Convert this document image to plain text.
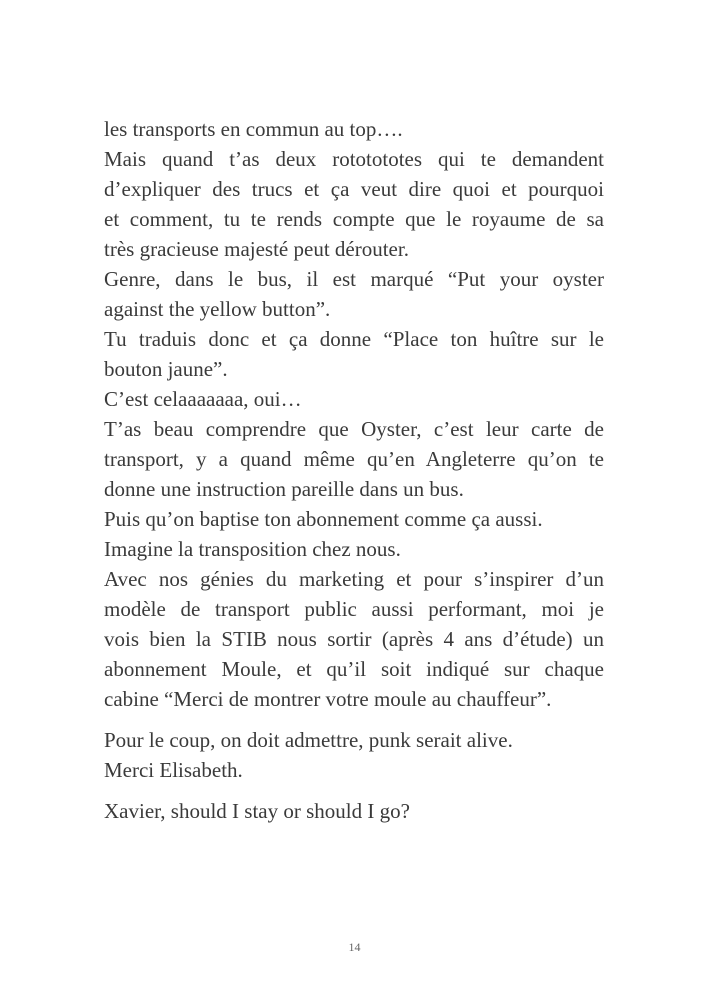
les transports en commun au top….

Mais quand t’as deux rototototes qui te demandent
d’expliquer des trucs et ça veut dire quoi et pourquoi
et comment, tu te rends compte que le royaume de sa
très gracieuse majesté peut dérouter.

Genre, dans le bus, il est marqué “Put your oyster
against the yellow button”.

Tu traduis donc et ça donne “Place ton huître sur le
bouton jaune”.

C’est celaaaaaaa, oui…

T’as beau comprendre que Oyster, c’est leur carte de
transport, y a quand même qu’en Angleterre qu’on te
donne une instruction pareille dans un bus.

Puis qu’on baptise ton abonnement comme ça aussi.

Imagine la transposition chez nous.

Avec nos génies du marketing et pour s’inspirer d’un
modèle de transport public aussi performant, moi je
vois bien la STIB nous sortir (après 4 ans d’étude) un
abonnement Moule, et qu’il soit indiqué sur chaque
cabine “Merci de montrer votre moule au chauffeur”.

Pour le coup, on doit admettre, punk serait alive.

Merci Elisabeth.

Xavier, should I stay or should I go?

14
